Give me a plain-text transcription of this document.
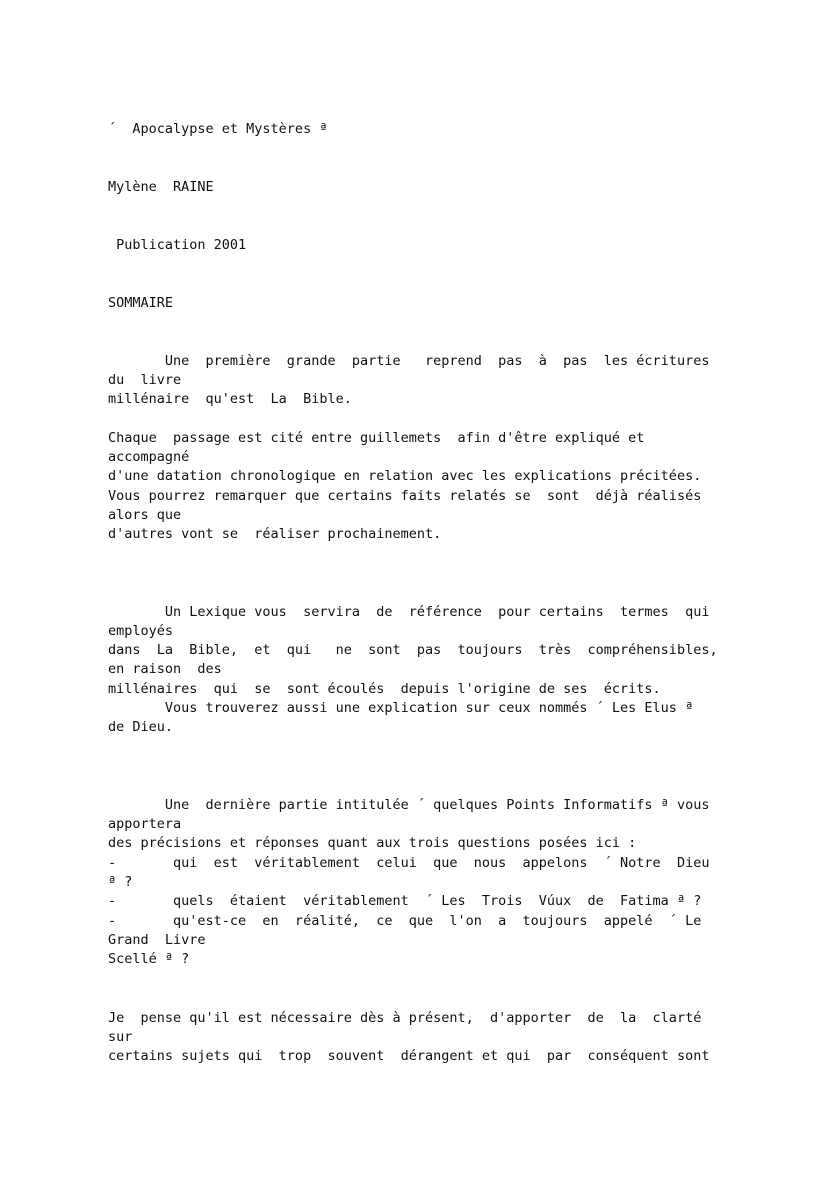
´  Apocalypse et Mystères ª

Mylène  RAINE

Publication 2001

SOMMAIRE

Une  première  grande  partie   reprend  pas  à  pas  les écritures

du  livre

millénaire  qu'est  La  Bible.

Chaque  passage est cité entre guillemets  afin d'être expliqué et

accompagné

d'une datation chronologique en relation avec les explications précitées.

Vous pourrez remarquer que certains faits relatés se  sont  déjà réalisés

alors que

d'autres vont se  réaliser prochainement.

Un Lexique vous  servira  de  référence  pour certains  termes  qui

employés

dans  La  Bible,  et  qui   ne  sont  pas  toujours  très  compréhensibles,

en raison  des

millénaires  qui  se  sont écoulés  depuis l'origine de ses  écrits.

Vous trouverez aussi une explication sur ceux nommés ´ Les Elus ª

de Dieu.

Une  dernière partie intitulée ´ quelques Points Informatifs ª vous

apportera

des précisions et réponses quant aux trois questions posées ici :

-       qui  est  véritablement  celui  que  nous  appelons  ´ Notre  Dieu

ª ?

-       quels  étaient  véritablement  ´ Les  Trois  Vúux  de  Fatima ª ?

-       qu'est-ce  en  réalité,  ce  que  l'on  a  toujours  appelé  ´ Le

Grand  Livre

Scellé ª ?

Je  pense qu'il est nécessaire dès à présent,  d'apporter  de  la  clarté

sur

certains sujets qui  trop  souvent  dérangent et qui  par  conséquent sont
